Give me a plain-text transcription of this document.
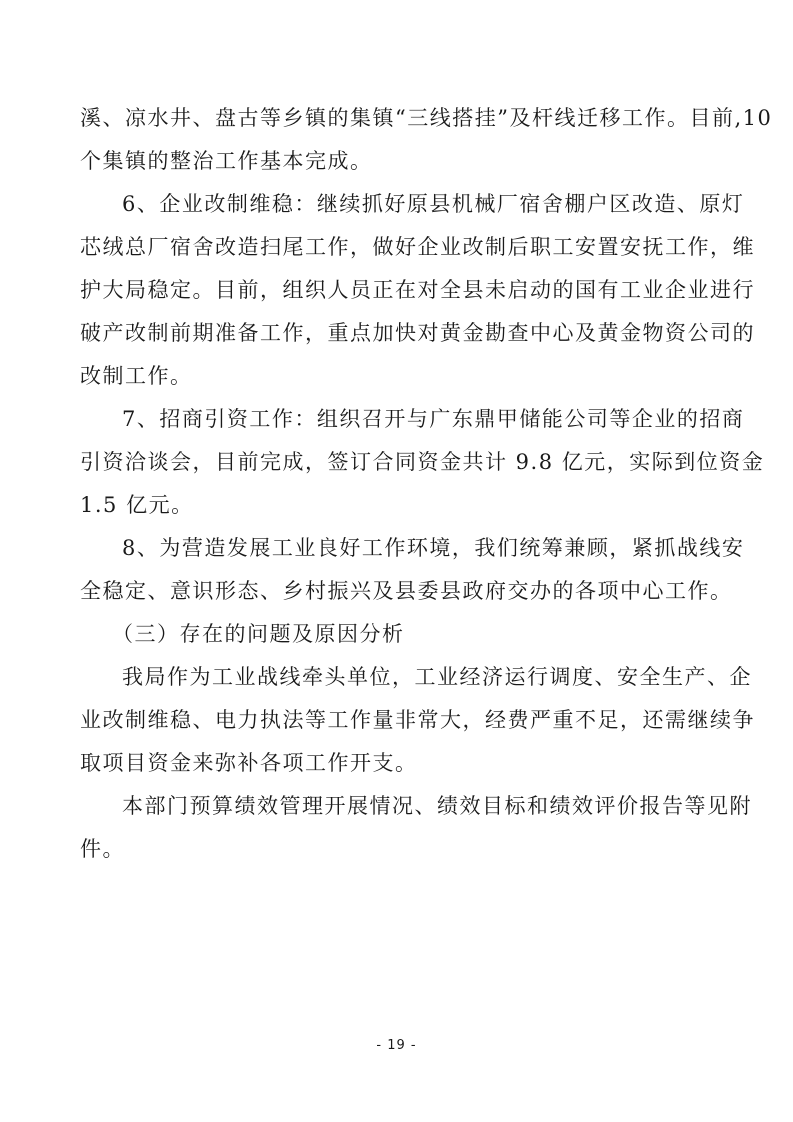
溪、凉水井、盘古等乡镇的集镇“三线搭挂”及杆线迁移工作。目前,10
个集镇的整治工作基本完成。
6、企业改制维稳：继续抓好原县机械厂宿舍棚户区改造、原灯
芯绒总厂宿舍改造扫尾工作，做好企业改制后职工安置安抚工作，维
护大局稳定。目前，组织人员正在对全县未启动的国有工业企业进行
破产改制前期准备工作，重点加快对黄金勘查中心及黄金物资公司的
改制工作。
7、招商引资工作：组织召开与广东鼎甲储能公司等企业的招商
引资洽谈会，目前完成，签订合同资金共计 9.8 亿元，实际到位资金
1.5 亿元。
8、为营造发展工业良好工作环境，我们统筹兼顾，紧抓战线安
全稳定、意识形态、乡村振兴及县委县政府交办的各项中心工作。
（三）存在的问题及原因分析
我局作为工业战线牵头单位，工业经济运行调度、安全生产、企
业改制维稳、电力执法等工作量非常大，经费严重不足，还需继续争
取项目资金来弥补各项工作开支。
本部门预算绩效管理开展情况、绩效目标和绩效评价报告等见附
件。
- 19 -
